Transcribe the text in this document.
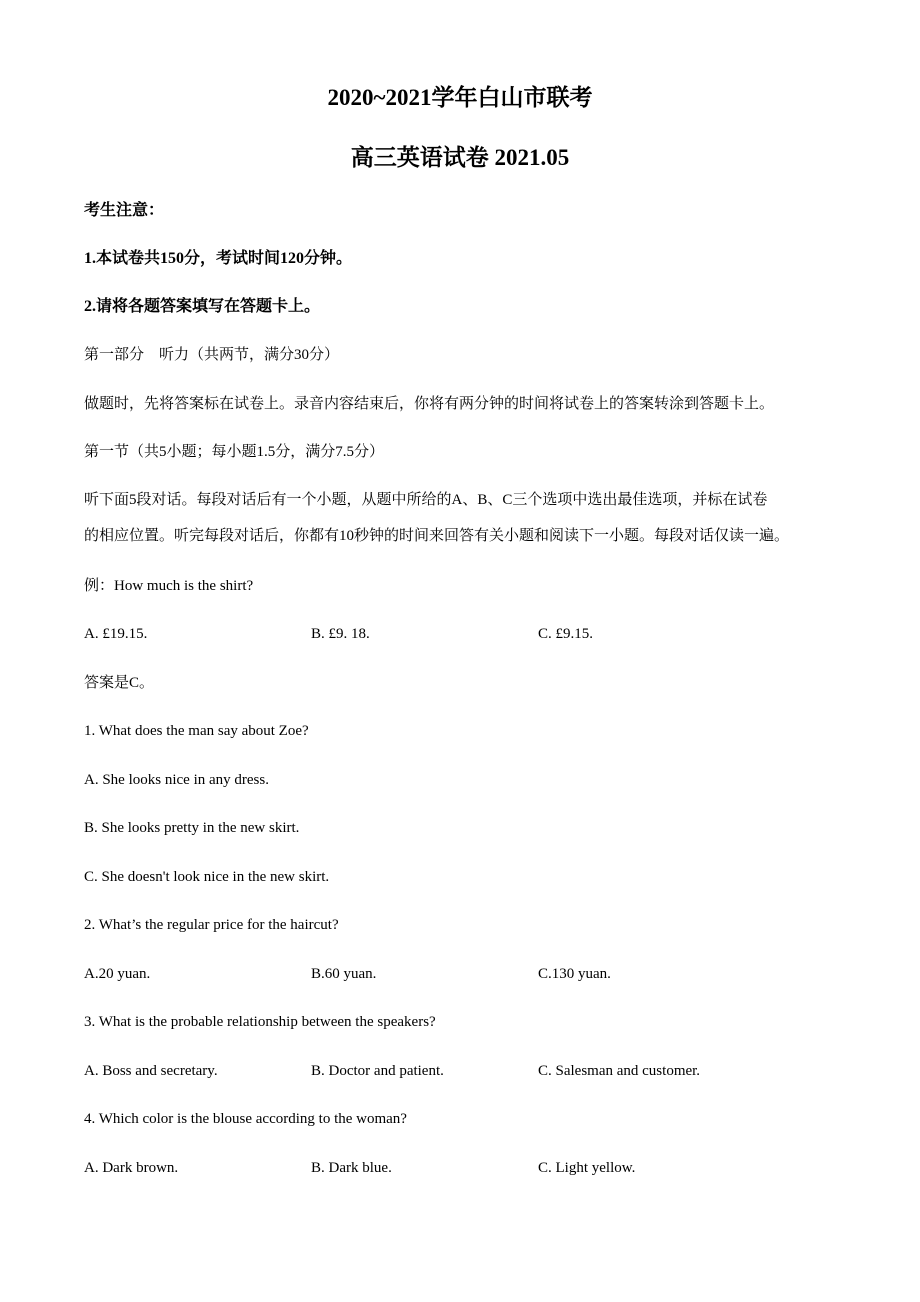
2020~2021学年白山市联考
高三英语试卷 2021.05
考生注意：
1.本试卷共150分，考试时间120分钟。
2.请将各题答案填写在答题卡上。
第一部分　听力（共两节，满分30分）
做题时，先将答案标在试卷上。录音内容结束后，你将有两分钟的时间将试卷上的答案转涂到答题卡上。
第一节（共5小题；每小题1.5分，满分7.5分）
听下面5段对话。每段对话后有一个小题，从题中所给的A、B、C三个选项中选出最佳选项，并标在试卷
的相应位置。听完每段对话后，你都有10秒钟的时间来回答有关小题和阅读下一小题。每段对话仅读一遍。
例：How much is the shirt?
A. £19.15.	B. £9. 18.	C. £9.15.
答案是C。
1. What does the man say about Zoe?
A. She looks nice in any dress.
B. She looks pretty in the new skirt.
C. She doesn't look nice in the new skirt.
2. What’s the regular price for the haircut?
A.20 yuan.	B.60 yuan.	C.130 yuan.
3. What is the probable relationship between the speakers?
A. Boss and secretary.	B. Doctor and patient.	C. Salesman and customer.
4. Which color is the blouse according to the woman?
A. Dark brown.	B. Dark blue.	C. Light yellow.
